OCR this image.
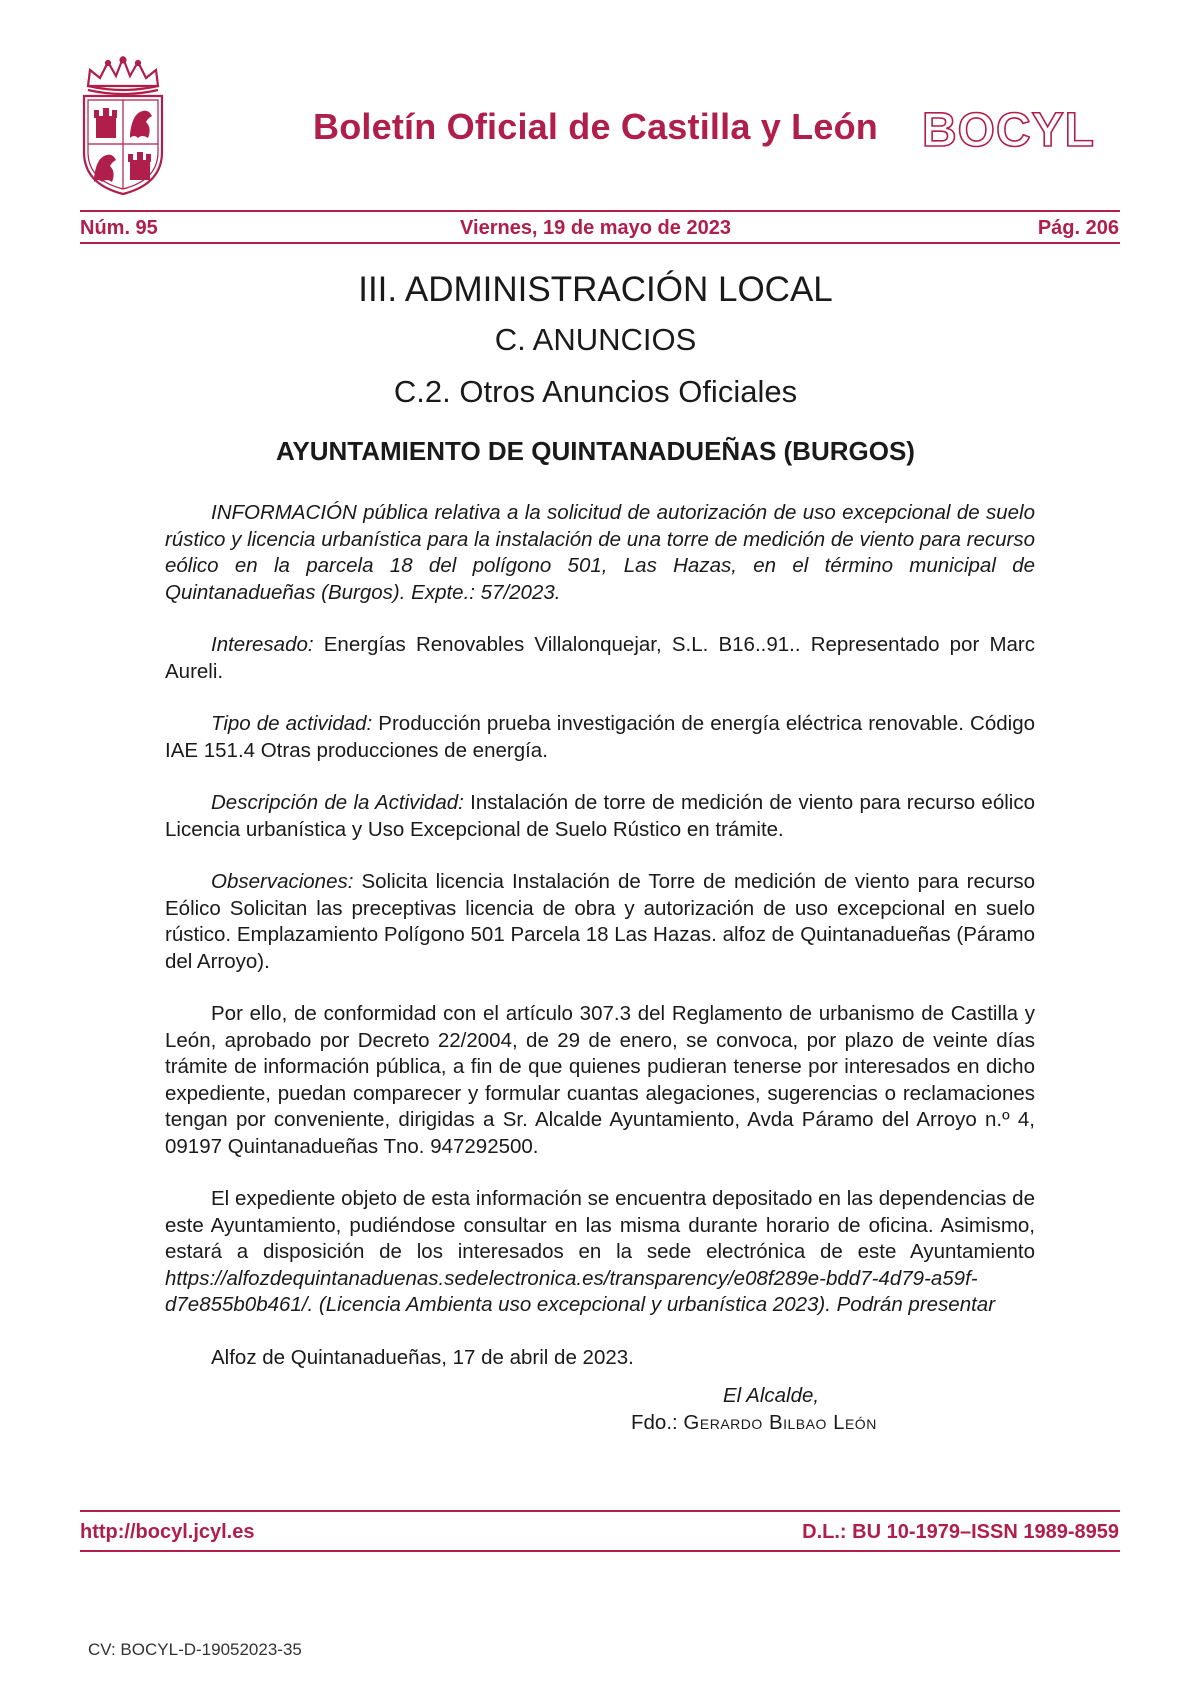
Boletín Oficial de Castilla y León BOCYL
Núm. 95	Viernes, 19 de mayo de 2023	Pág. 206
III. ADMINISTRACIÓN LOCAL
C. ANUNCIOS
C.2. Otros Anuncios Oficiales
AYUNTAMIENTO DE QUINTANADUEÑAS (BURGOS)

INFORMACIÓN pública relativa a la solicitud de autorización de uso excepcional de suelo rústico y licencia urbanística para la instalación de una torre de medición de viento para recurso eólico en la parcela 18 del polígono 501, Las Hazas, en el término municipal de Quintanadueñas (Burgos). Expte.: 57/2023.

Interesado: Energías Renovables Villalonquejar, S.L. B16..91.. Representado por Marc Aureli.

Tipo de actividad: Producción prueba investigación de energía eléctrica renovable. Código IAE 151.4 Otras producciones de energía.

Descripción de la Actividad: Instalación de torre de medición de viento para recurso eólico Licencia urbanística y Uso Excepcional de Suelo Rústico en trámite.

Observaciones: Solicita licencia Instalación de Torre de medición de viento para recurso Eólico Solicitan las preceptivas licencia de obra y autorización de uso excepcional en suelo rústico. Emplazamiento Polígono 501 Parcela 18 Las Hazas. alfoz de Quintanadueñas (Páramo del Arroyo).

Por ello, de conformidad con el artículo 307.3 del Reglamento de urbanismo de Castilla y León, aprobado por Decreto 22/2004, de 29 de enero, se convoca, por plazo de veinte días trámite de información pública, a fin de que quienes pudieran tenerse por interesados en dicho expediente, puedan comparecer y formular cuantas alegaciones, sugerencias o reclamaciones tengan por conveniente, dirigidas a Sr. Alcalde Ayuntamiento, Avda Páramo del Arroyo n.º 4, 09197 Quintanadueñas Tno. 947292500.

El expediente objeto de esta información se encuentra depositado en las dependencias de este Ayuntamiento, pudiéndose consultar en las misma durante horario de oficina. Asimismo, estará a disposición de los interesados en la sede electrónica de este Ayuntamiento https://alfozdequintanaduenas.sedelectronica.es/transparency/e08f289e-bdd7-4d79-a59f-d7e855b0b461/. (Licencia Ambienta uso excepcional y urbanística 2023). Podrán presentar

Alfoz de Quintanadueñas, 17 de abril de 2023.

El Alcalde,

Fdo.: Gerardo Bilbao León

http://bocyl.jcyl.es	D.L.: BU 10-1979–ISSN 1989-8959
CV: BOCYL-D-19052023-35
